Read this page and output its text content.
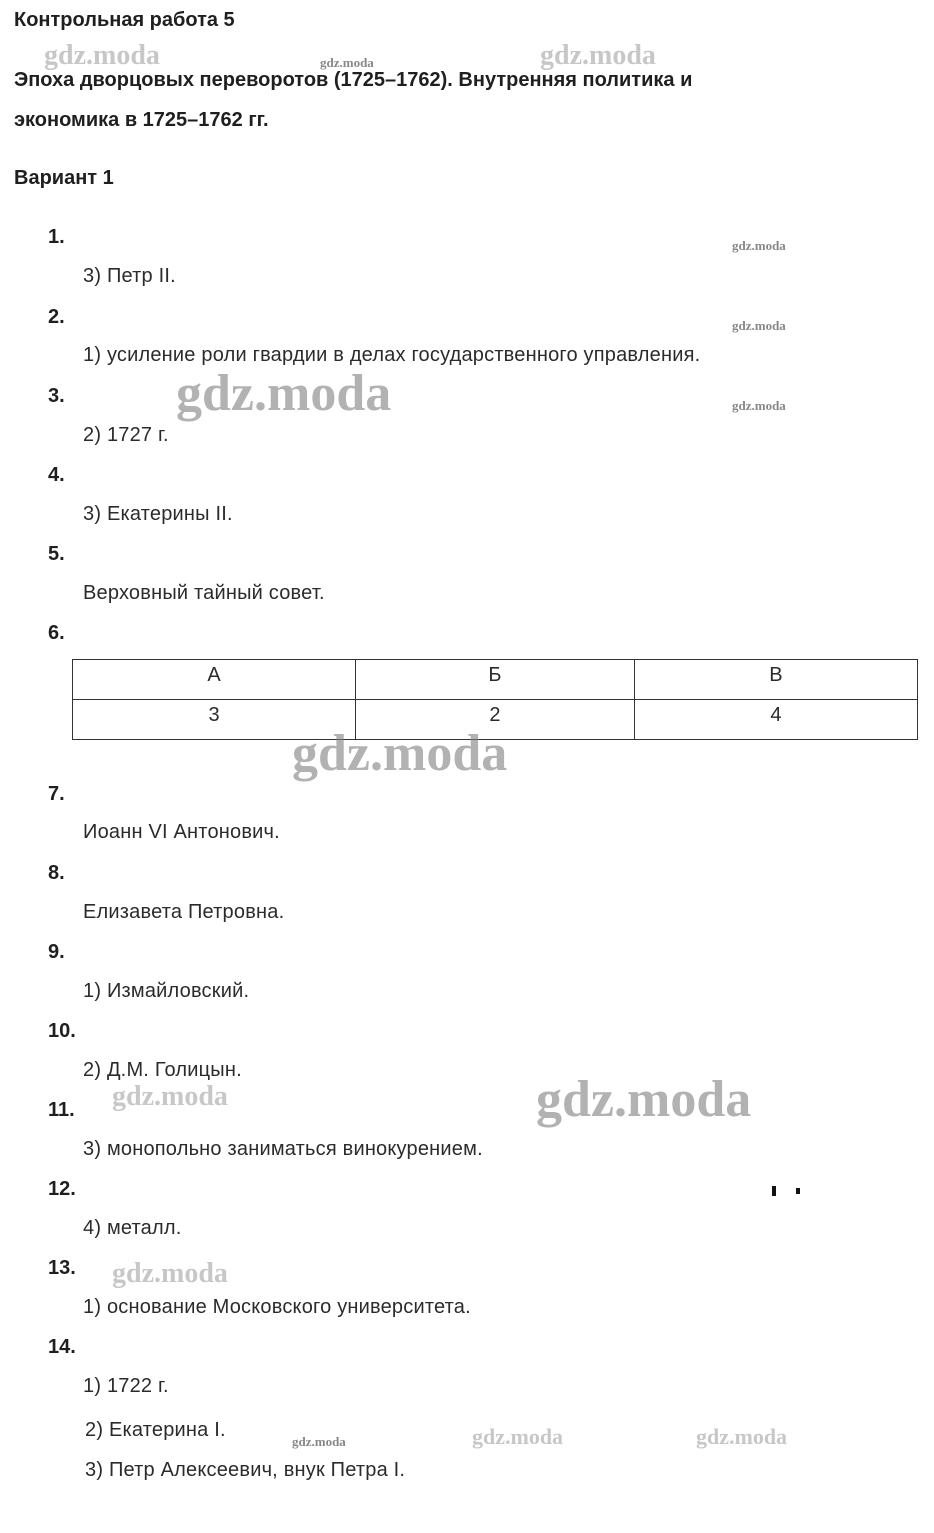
Контрольная работа 5
Эпоха дворцовых переворотов (1725–1762). Внутренняя политика и
экономика в 1725–1762 гг.
Вариант 1
1.
3) Петр II.
2.
1) усиление роли гвардии в делах государственного управления.
3.
2) 1727 г.
4.
3) Екатерины II.
5.
Верховный тайный совет.
6.
А	Б	В
3	2	4
7.
Иоанн VI Антонович.
8.
Елизавета Петровна.
9.
1) Измайловский.
10.
2) Д.М. Голицын.
11.
3) монопольно заниматься винокурением.
12.
4) металл.
13.
1) основание Московского университета.
14.
1) 1722 г.
2) Екатерина I.
3) Петр Алексеевич, внук Петра I.
gdz.moda	gdz.moda	gdz.moda
gdz.moda
gdz.moda
gdz.moda
gdz.moda
gdz.moda
gdz.moda	gdz.moda
gdz.moda
gdz.moda	gdz.moda	gdz.moda
